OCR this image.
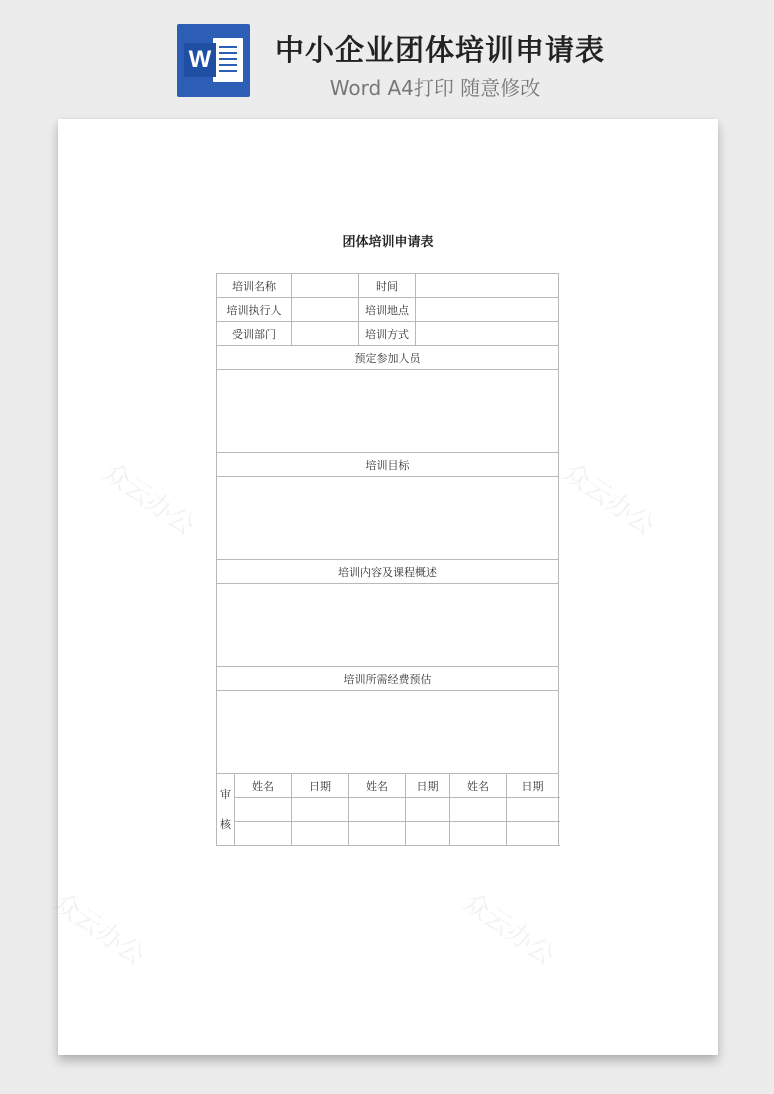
W 中小企业团体培训申请表
Word A4打印 随意修改
众云办公	众云办公
众云办公	众云办公
团体培训申请表
培训名称				时间				
培训执行人				培训地点				
受训部门				培训方式				
预定参加人员								

培训目标								

培训内容及课程概述								

培训所需经费预估								

审
核	姓名	日期	姓名		日期		姓名	日期
